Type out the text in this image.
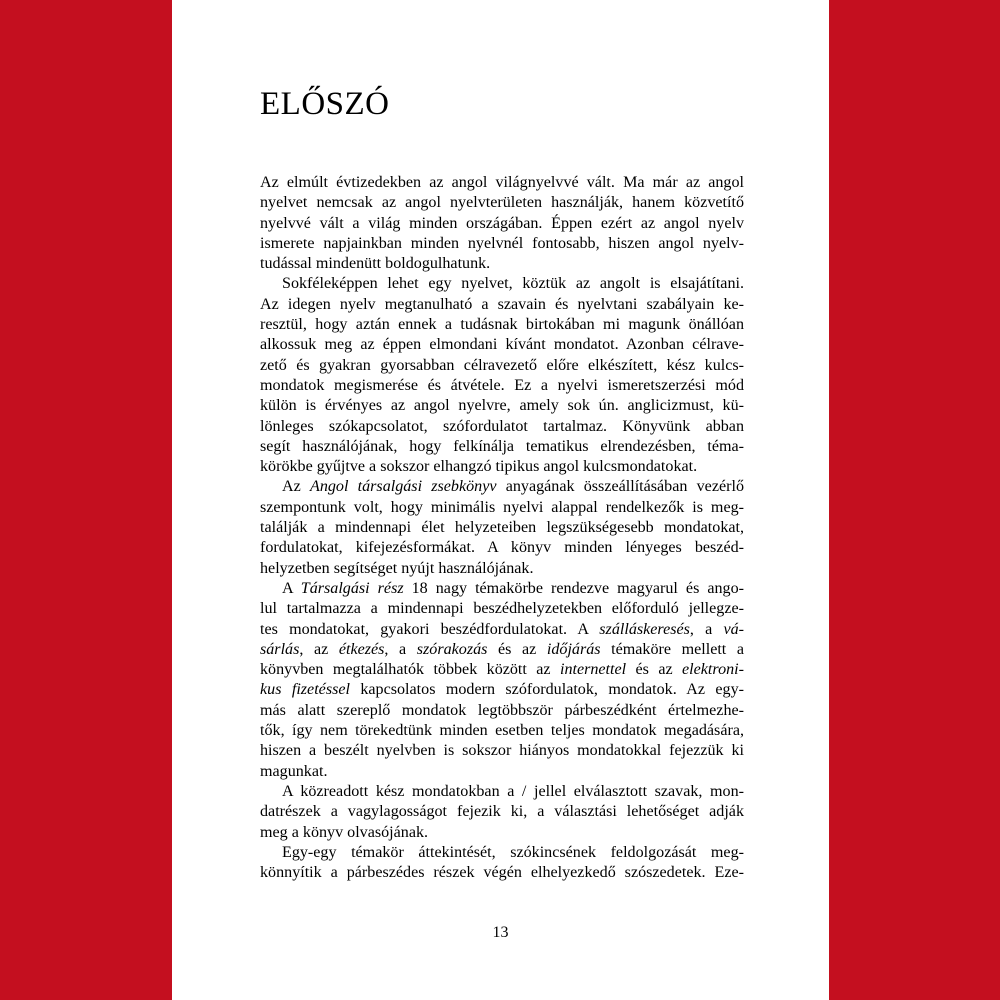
ELŐSZÓ
Az elmúlt évtizedekben az angol világnyelvvé vált. Ma már az angol
nyelvet nemcsak az angol nyelvterületen használják, hanem közvetítő
nyelvvé vált a világ minden országában. Éppen ezért az angol nyelv
ismerete napjainkban minden nyelvnél fontosabb, hiszen angol nyelv-
tudással mindenütt boldogulhatunk.
Sokféleképpen lehet egy nyelvet, köztük az angolt is elsajátítani.
Az idegen nyelv megtanulható a szavain és nyelvtani szabályain ke-
resztül, hogy aztán ennek a tudásnak birtokában mi magunk önállóan
alkossuk meg az éppen elmondani kívánt mondatot. Azonban célrave-
zető és gyakran gyorsabban célravezető előre elkészített, kész kulcs-
mondatok megismerése és átvétele. Ez a nyelvi ismeretszerzési mód
külön is érvényes az angol nyelvre, amely sok ún. anglicizmust, kü-
lönleges szókapcsolatot, szófordulatot tartalmaz. Könyvünk abban
segít használójának, hogy felkínálja tematikus elrendezésben, téma-
körökbe gyűjtve a sokszor elhangzó tipikus angol kulcsmondatokat.
Az Angol társalgási zsebkönyv anyagának összeállításában vezérlő
szempontunk volt, hogy minimális nyelvi alappal rendelkezők is meg-
találják a mindennapi élet helyzeteiben legszükségesebb mondatokat,
fordulatokat, kifejezésformákat. A könyv minden lényeges beszéd-
helyzetben segítséget nyújt használójának.
A Társalgási rész 18 nagy témakörbe rendezve magyarul és ango-
lul tartalmazza a mindennapi beszédhelyzetekben előforduló jellegze-
tes mondatokat, gyakori beszédfordulatokat. A szálláskeresés, a vá-
sárlás, az étkezés, a szórakozás és az időjárás témaköre mellett a
könyvben megtalálhatók többek között az internettel és az elektroni-
kus fizetéssel kapcsolatos modern szófordulatok, mondatok. Az egy-
más alatt szereplő mondatok legtöbbször párbeszédként értelmezhe-
tők, így nem törekedtünk minden esetben teljes mondatok megadására,
hiszen a beszélt nyelvben is sokszor hiányos mondatokkal fejezzük ki
magunkat.
A közreadott kész mondatokban a / jellel elválasztott szavak, mon-
datrészek a vagylagosságot fejezik ki, a választási lehetőséget adják
meg a könyv olvasójának.
Egy-egy témakör áttekintését, szókincsének feldolgozását meg-
könnyítik a párbeszédes részek végén elhelyezkedő szószedetek. Eze-
13
